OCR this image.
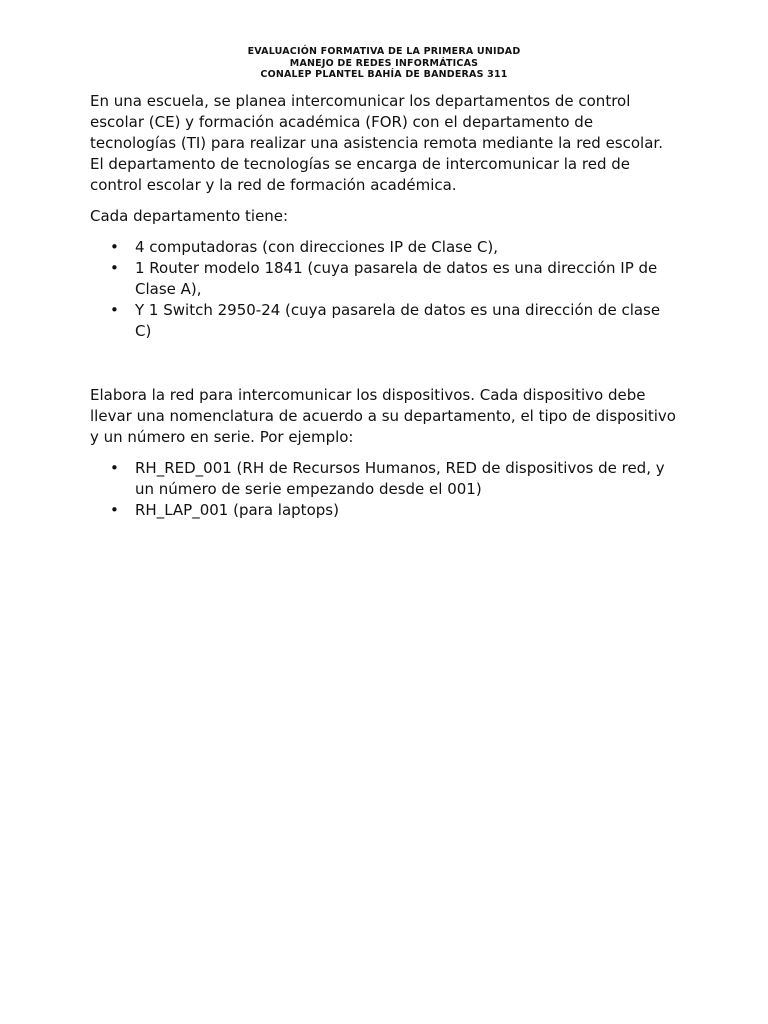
EVALUACIÓN FORMATIVA DE LA PRIMERA UNIDAD
MANEJO DE REDES INFORMÁTICAS
CONALEP PLANTEL BAHÍA DE BANDERAS 311

En una escuela, se planea intercomunicar los departamentos de control escolar (CE) y formación académica (FOR) con el departamento de tecnologías (TI) para realizar una asistencia remota mediante la red escolar. El departamento de tecnologías se encarga de intercomunicar la red de control escolar y la red de formación académica.

Cada departamento tiene:

• 4 computadoras (con direcciones IP de Clase C),
• 1 Router modelo 1841 (cuya pasarela de datos es una dirección IP de Clase A),
• Y 1 Switch 2950-24 (cuya pasarela de datos es una dirección de clase C)

Elabora la red para intercomunicar los dispositivos. Cada dispositivo debe llevar una nomenclatura de acuerdo a su departamento, el tipo de dispositivo y un número en serie. Por ejemplo:

• RH_RED_001 (RH de Recursos Humanos, RED de dispositivos de red, y un número de serie empezando desde el 001)
• RH_LAP_001 (para laptops)
